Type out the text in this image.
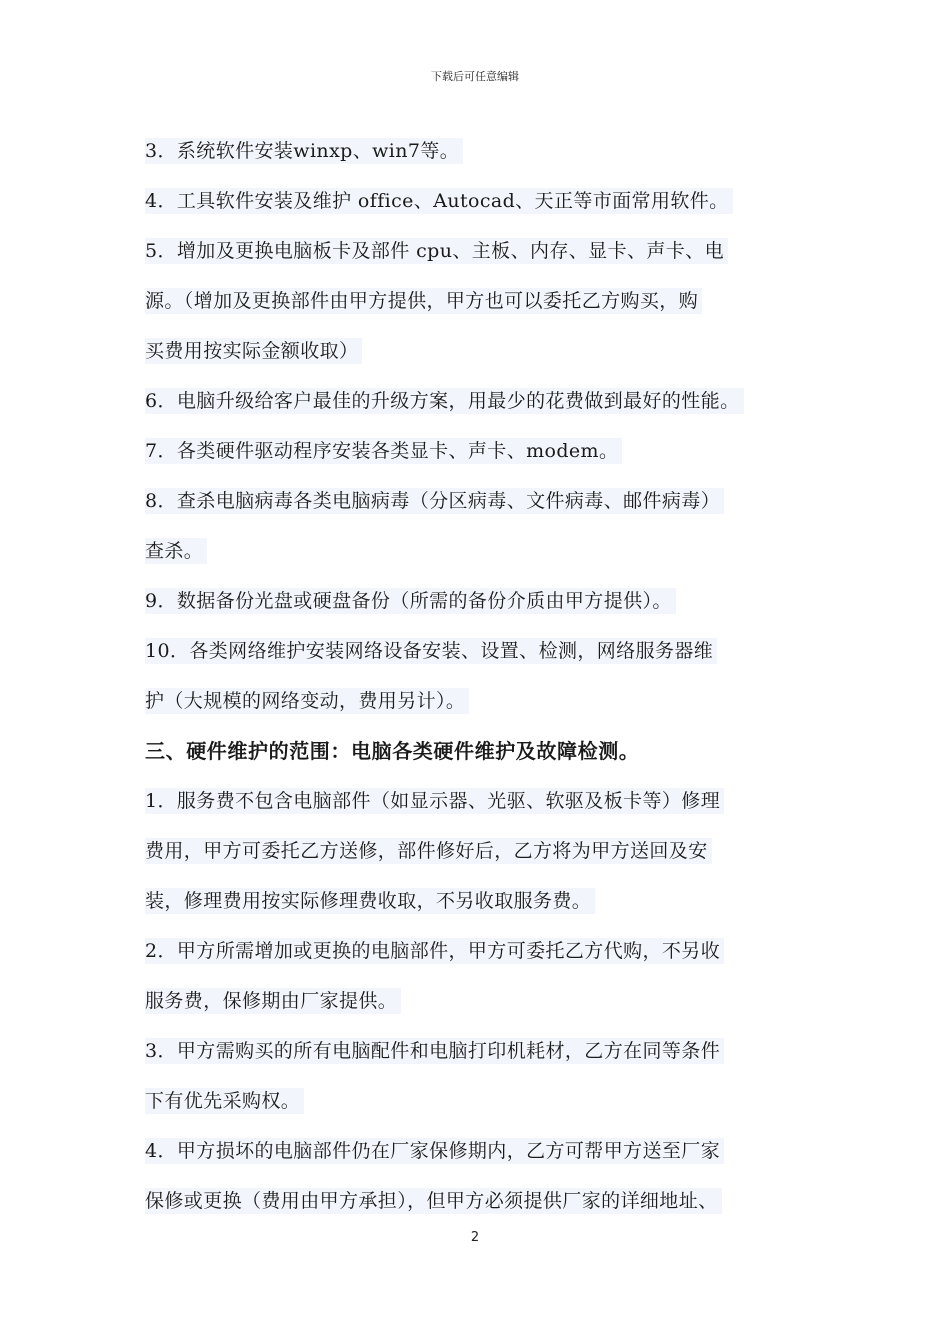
下载后可任意编辑
3．系统软件安装winxp、win7等。
4．工具软件安装及维护 office、Autocad、天正等市面常用软件。
5．增加及更换电脑板卡及部件 cpu、主板、内存、显卡、声卡、电
源。（增加及更换部件由甲方提供，甲方也可以委托乙方购买，购
买费用按实际金额收取）
6．电脑升级给客户最佳的升级方案，用最少的花费做到最好的性能。
7．各类硬件驱动程序安装各类显卡、声卡、modem。
8．查杀电脑病毒各类电脑病毒（分区病毒、文件病毒、邮件病毒）
查杀。
9．数据备份光盘或硬盘备份（所需的备份介质由甲方提供）。
10．各类网络维护安装网络设备安装、设置、检测，网络服务器维
护（大规模的网络变动，费用另计）。
三、硬件维护的范围：电脑各类硬件维护及故障检测。
1．服务费不包含电脑部件（如显示器、光驱、软驱及板卡等）修理
费用，甲方可委托乙方送修，部件修好后，乙方将为甲方送回及安
装，修理费用按实际修理费收取，不另收取服务费。
2．甲方所需增加或更换的电脑部件，甲方可委托乙方代购，不另收
服务费，保修期由厂家提供。
3．甲方需购买的所有电脑配件和电脑打印机耗材，乙方在同等条件
下有优先采购权。
4．甲方损坏的电脑部件仍在厂家保修期内，乙方可帮甲方送至厂家
保修或更换（费用由甲方承担），但甲方必须提供厂家的详细地址、
2
